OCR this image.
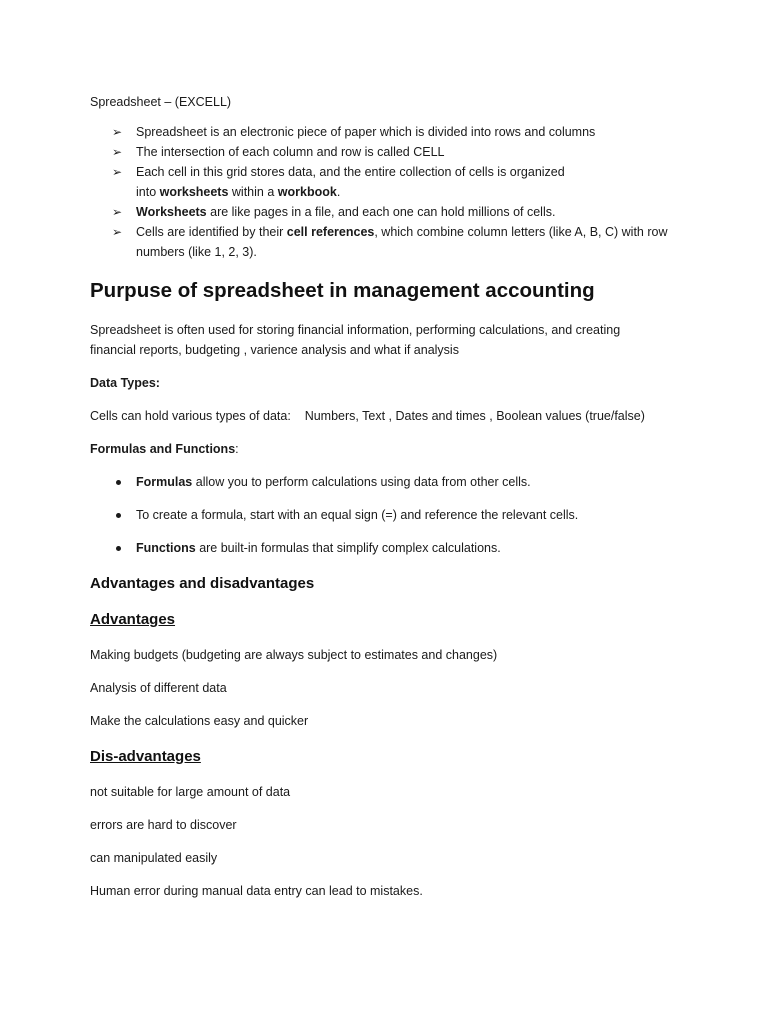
Spreadsheet – (EXCELL)

➢ Spreadsheet is an electronic piece of paper which is divided into rows and columns
➢ The intersection of each column and row is called CELL
➢ Each cell in this grid stores data, and the entire collection of cells is organized
into worksheets within a workbook.
➢ Worksheets are like pages in a file, and each one can hold millions of cells.
➢ Cells are identified by their cell references, which combine column letters (like A, B, C) with row
numbers (like 1, 2, 3).
Purpuse of spreadsheet in management accounting

Spreadsheet is often used for storing financial information, performing calculations, and creating
financial reports, budgeting , varience analysis and what if analysis

Data Types:

Cells can hold various types of data:    Numbers, Text , Dates and times , Boolean values (true/false)

Formulas and Functions:

Formulas allow you to perform calculations using data from other cells.
To create a formula, start with an equal sign (=) and reference the relevant cells.
Functions are built-in formulas that simplify complex calculations.
Advantages and disadvantages
Advantages

Making budgets (budgeting are always subject to estimates and changes)

Analysis of different data

Make the calculations easy and quicker

Dis-advantages

not suitable for large amount of data

errors are hard to discover

can manipulated easily

Human error during manual data entry can lead to mistakes.
